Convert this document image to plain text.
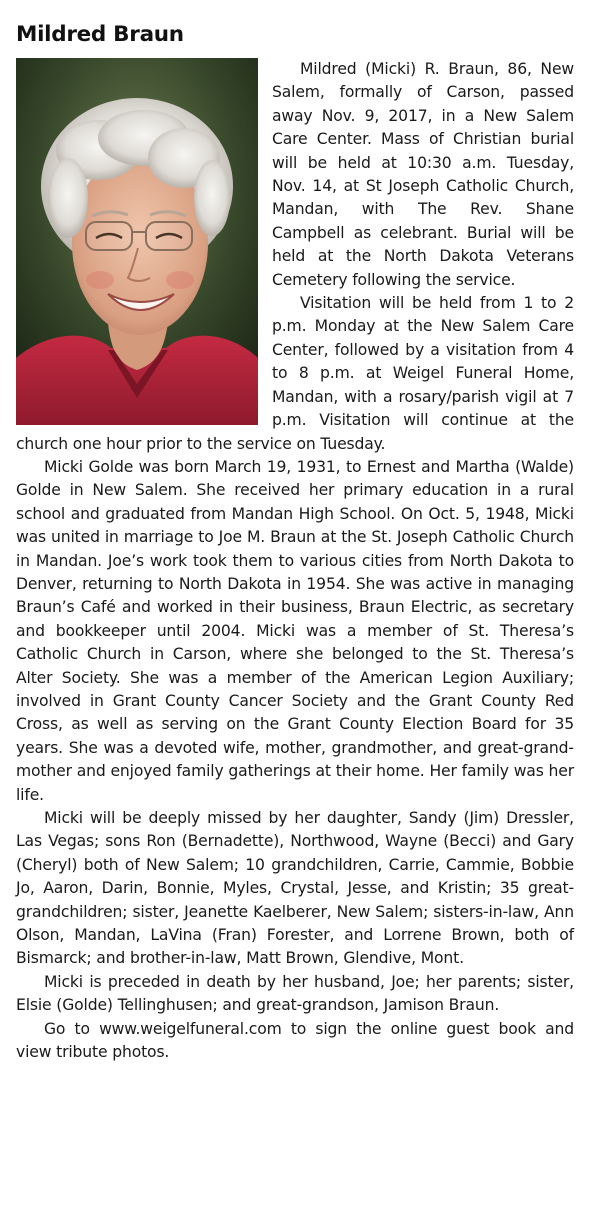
Mildred Braun

Mildred (Micki) R. Braun, 86, New Salem, formally of Carson, passed away Nov. 9, 2017, in a New Salem Care Center. Mass of Christian burial will be held at 10:30 a.m. Tuesday, Nov. 14, at St Joseph Catholic Church, Mandan, with The Rev. Shane Campbell as celebrant. Burial will be held at the North Dakota Veterans Cemetery following the service.

Visitation will be held from 1 to 2 p.m. Monday at the New Salem Care Center, followed by a visitation from 4 to 8 p.m. at Weigel Funeral Home, Mandan, with a rosary/parish vigil at 7 p.m. Visitation will continue at the church one hour prior to the service on Tuesday.

Micki Golde was born March 19, 1931, to Ernest and Martha (Walde) Golde in New Salem. She received her primary education in a rural school and graduated from Mandan High School. On Oct. 5, 1948, Micki was united in marriage to Joe M. Braun at the St. Joseph Catholic Church in Mandan. Joe’s work took them to various cities from North Dakota to Denver, returning to North Dakota in 1954. She was active in managing Braun’s Café and worked in their business, Braun Electric, as secretary and bookkeeper until 2004. Micki was a member of St. Theresa’s Catholic Church in Carson, where she belonged to the St. Theresa’s Alter Society. She was a member of the American Legion Auxiliary; involved in Grant County Cancer Society and the Grant County Red Cross, as well as serving on the Grant County Election Board for 35 years. She was a devoted wife, mother, grandmother, and great-grandmother and enjoyed family gatherings at their home. Her family was her life.

Micki will be deeply missed by her daughter, Sandy (Jim) Dressler, Las Vegas; sons Ron (Bernadette), Northwood, Wayne (Becci) and Gary (Cheryl) both of New Salem; 10 grandchildren, Carrie, Cammie, Bobbie Jo, Aaron, Darin, Bonnie, Myles, Crystal, Jesse, and Kristin; 35 great-grandchildren; sister, Jeanette Kaelberer, New Salem; sisters-in-law, Ann Olson, Mandan, LaVina (Fran) Forester, and Lorrene Brown, both of Bismarck; and brother-in-law, Matt Brown, Glendive, Mont.

Micki is preceded in death by her husband, Joe; her parents; sister, Elsie (Golde) Tellinghusen; and great-grandson, Jamison Braun.

Go to www.weigelfuneral.com to sign the online guest book and view tribute photos.
